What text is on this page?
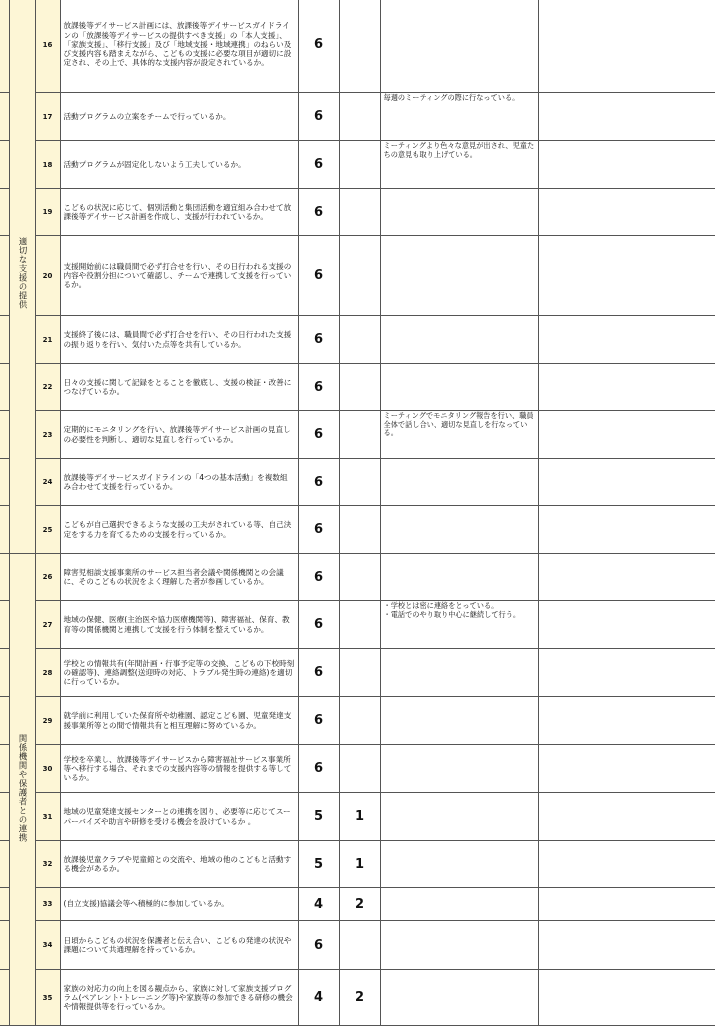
	適切な支援の提供	16	放課後等デイサービス計画には、放課後等デイサービスガイドラインの「放課後等デイサービスの提供すべき支援」の「本人支援」、「家族支援」、「移行支援」及び「地域支援・地域連携」のねらい及び支援内容も踏まえながら、こどもの支援に必要な項目が適切に設定され、その上で、具体的な支援内容が設定されているか。	6			
		17	活動プログラムの立案をチームで行っているか。	6		毎週のミーティングの際に行なっている。	
		18	活動プログラムが固定化しないよう工夫しているか。	6		ミーティングより色々な意見が出され、児童たちの意見も取り上げている。	
		19	こどもの状況に応じて、個別活動と集団活動を適宜組み合わせて放課後等デイサービス計画を作成し、支援が行われているか。	6			
		20	支援開始前には職員間で必ず打合せを行い、その日行われる支援の内容や役割分担について確認し、チームで連携して支援を行っているか。	6			
		21	支援終了後には、職員間で必ず打合せを行い、その日行われた支援の振り返りを行い、気付いた点等を共有しているか。	6			
		22	日々の支援に関して記録をとることを徹底し、支援の検証・改善につなげているか。	6			
		23	定期的にモニタリングを行い、放課後等デイサービス計画の見直しの必要性を判断し、適切な見直しを行っているか。	6		ミーティングでモニタリング報告を行い、職員全体で話し合い、適切な見直しを行なっている。	
		24	放課後等デイサービスガイドラインの「4つの基本活動」を複数組み合わせて支援を行っているか。	6			
		25	こどもが自己選択できるような支援の工夫がされている等、自己決定をする力を育てるための支援を行っているか。	6			
	関係機関や保護者との連携	26	障害児相談支援事業所のサービス担当者会議や関係機関との会議に、そのこどもの状況をよく理解した者が参画しているか。	6			
		27	地域の保健、医療(主治医や協力医療機関等)、障害福祉、保育、教育等の関係機関と連携して支援を行う体制を整えているか。	6		・学校とは密に連絡をとっている。
・電話でのやり取り中心に継続して行う。	
		28	学校との情報共有(年間計画・行事予定等の交換、こどもの下校時刻の確認等)、連絡調整(送迎時の対応、トラブル発生時の連絡)を適切に行っているか。	6			
		29	就学前に利用していた保育所や幼稚園、認定こども園、児童発達支援事業所等との間で情報共有と相互理解に努めているか。	6			
		30	学校を卒業し、放課後等デイサービスから障害福祉サービス事業所等へ移行する場合、それまでの支援内容等の情報を提供する等しているか。	6			
		31	地域の児童発達支援センターとの連携を図り、必要等に応じてスーパーバイズや助言や研修を受ける機会を設けているか 。	5	1		
		32	放課後児童クラブや児童館との交流や、地域の他のこどもと活動する機会があるか。	5	1		
		33	(自立支援)協議会等へ積極的に参加しているか。	4	2		
		34	日頃からこどもの状況を保護者と伝え合い、こどもの発達の状況や課題について共通理解を持っているか。	6			
		35	家族の対応力の向上を図る観点から、家族に対して家族支援プログラム(ペアレント･トレーニング等)や家族等の参加できる研修の機会や情報提供等を行っているか。	4	2		
